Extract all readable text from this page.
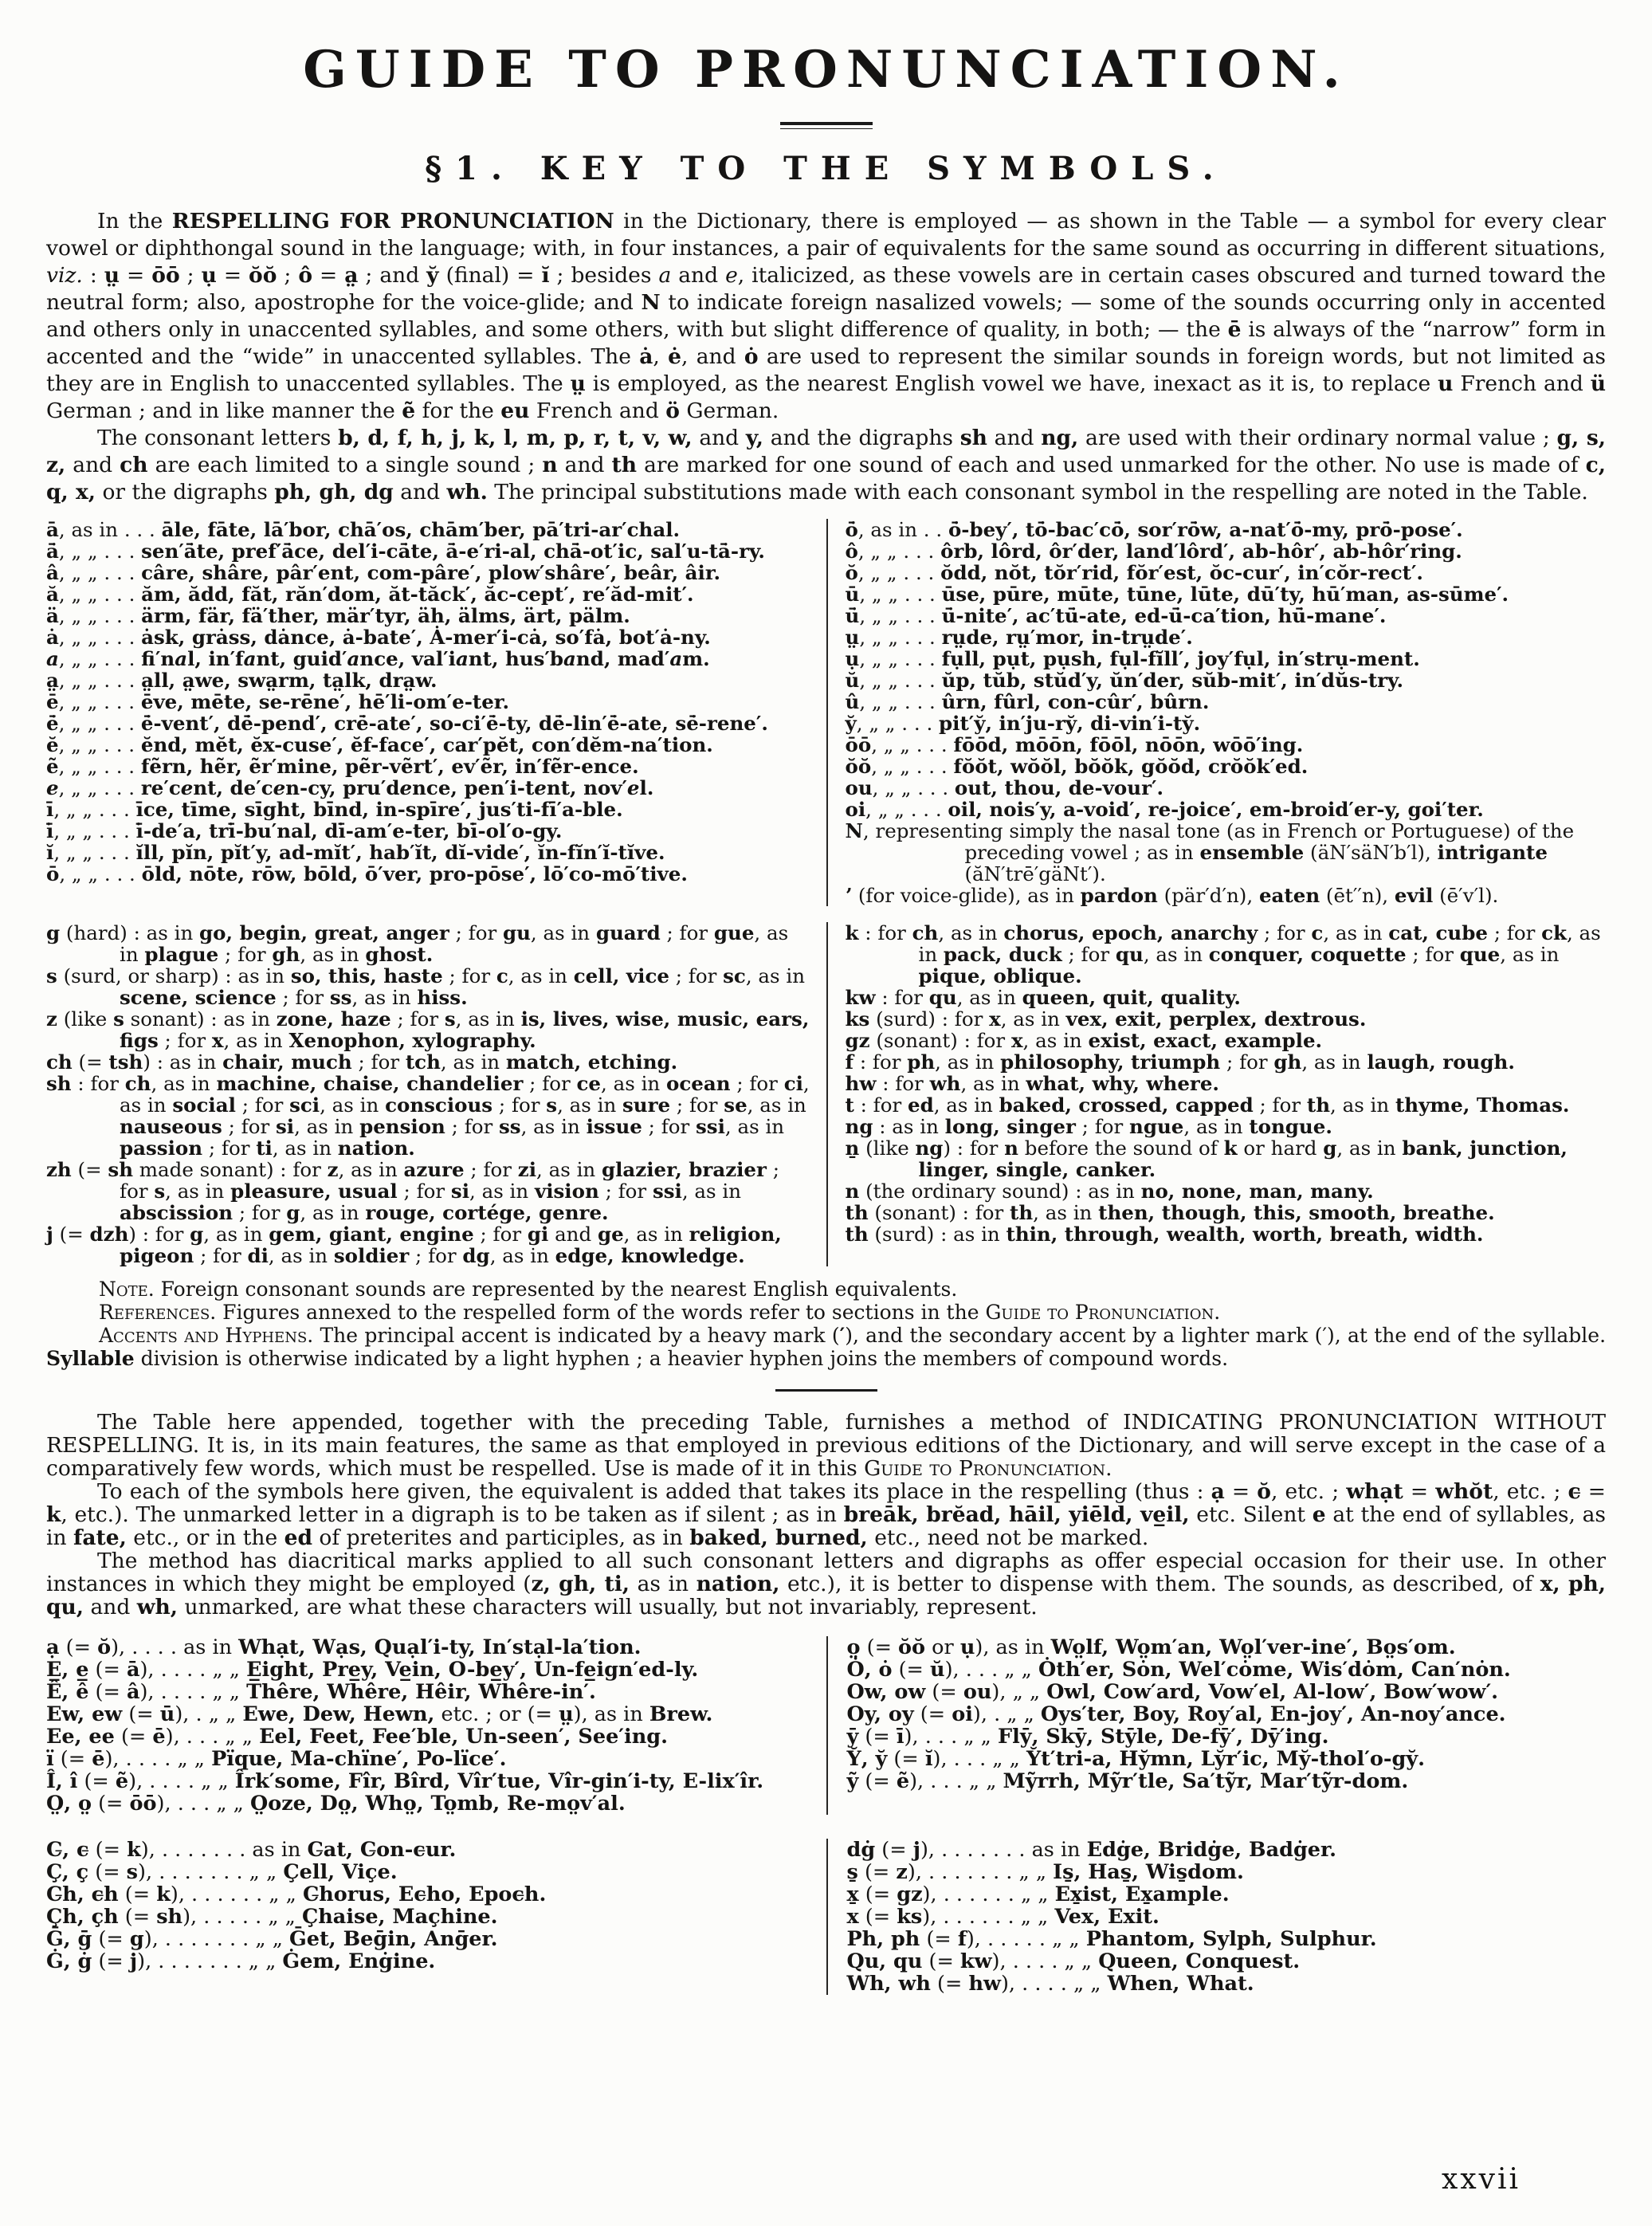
GUIDE TO PRONUNCIATION.
§1. KEY TO THE SYMBOLS.

In the RESPELLING FOR PRONUNCIATION in the Dictionary, there is employed — as shown in the Table — a symbol for every clear vowel or diphthongal sound in the language; with, in four instances, a pair of equivalents for the same sound as occurring in different situations, viz. : ṳ = ōō ; ụ = ŏŏ ; ô = a̤ ; and y̆ (final) = ĭ ; besides a and e, italicized, as these vowels are in certain cases obscured and turned toward the neutral form; also, apostrophe for the voice-glide; and N to indicate foreign nasalized vowels; — some of the sounds occurring only in accented and others only in unaccented syllables, and some others, with but slight difference of quality, in both; — the ē is always of the “narrow” form in accented and the “wide” in unaccented syllables. The ȧ, ė, and ȯ are used to represent the similar sounds in foreign words, but not limited as they are in English to unaccented syllables. The ṳ is employed, as the nearest English vowel we have, inexact as it is, to replace u French and ü German ; and in like manner the ẽ for the eu French and ö German.

The consonant letters b, d, f, h, j, k, l, m, p, r, t, v, w, and y, and the digraphs sh and ng, are used with their ordinary normal value ; g, s, z, and ch are each limited to a single sound ; n and th are marked for one sound of each and used unmarked for the other. No use is made of c, q, x, or the digraphs ph, gh, dg and wh. The principal substitutions made with each consonant symbol in the respelling are noted in the Table.

ā, as in . . . āle, fāte, lā′bor, chā′os, chām′ber, pā′tri-ar′chal.
ā̇, „ „ . . . sen′ā̇te, pref′ā̇ce, del′i-cā̇te, ā̇-e′ri-al, chā̇-ot′ic, sal′u-tā̇-ry.
â, „ „ . . . câre, shâre, pâr′ent, com-pâre′, plow′shâre′, beâr, âir.
ă, „ „ . . . ăm, ădd, făt, răn′dom, ăt-tăck′, ăc-cept′, re′ăd-mit′.
ä, „ „ . . . ärm, fär, fä′ther, mär′tyr, äh, älms, ärt, pälm.
ȧ, „ „ . . . ȧsk, grȧss, dȧnce, ȧ-bate′, Ȧ-mer′i-cȧ, so′fȧ, bot′ȧ-ny.
a, „ „ . . . fi′nal, in′fant, guid′ance, val′iant, hus′band, mad′am.
a̤, „ „ . . . a̤ll, a̤we, swa̤rm, ta̤lk, dra̤w.
ē, „ „ . . . ēve, mēte, se-rēne′, hē′li-om′e-ter.
ē̇, „ „ . . . ē̇-vent′, dē̇-pend′, crē̇-ate′, so-ci′ē̇-ty, dē̇-lin′ē̇-ate, sē̇-rene′.
ĕ, „ „ . . . ĕnd, mĕt, ĕx-cuse′, ĕf-face′, car′pĕt, con′dĕm-na′tion.
ẽ, „ „ . . . fẽrn, hẽr, ẽr′mine, pẽr-vẽrt′, ev′ẽr, in′fẽr-ence.
e, „ „ . . . re′cent, de′cen-cy, pru′dence, pen′i-tent, nov′el.
ī, „ „ . . . īce, tīme, sīght, bīnd, in-spīre′, jus′ti-fī′a-ble.
ī̇, „ „ . . . ī̇-de′a, trī̇-bu′nal, dī̇-am′e-ter, bī̇-ol′o-gy.
ĭ, „ „ . . . ĭll, pĭn, pĭt′y, ad-mĭt′, hab′ĭt, dĭ-vide′, ĭn-fĭn′ĭ-tĭve.
ō, „ „ . . . ōld, nōte, rōw, bōld, ō′ver, pro-pōse′, lō′co-mō′tive.
ō̇, as in . . ō̇-bey′, tō̇-bac′cō̇, sor′rō̇w, a-nat′ō̇-my, prō̇-pose′.
ô, „ „ . . . ôrb, lôrd, ôr′der, land′lôrd′, ab-hôr′, ab-hôr′ring.
ŏ, „ „ . . . ŏdd, nŏt, tŏr′rid, fŏr′est, ŏc-cur′, in′cŏr-rect′.
ū, „ „ . . . ūse, pūre, mūte, tūne, lūte, dū′ty, hū′man, as-sūme′.
ū̇, „ „ . . . ū̇-nite′, ac′tū̇-ate, ed-ū̇-ca′tion, hū̇-mane′.
ṳ, „ „ . . . rṳde, rṳ′mor, in-trṳde′.
ụ, „ „ . . . fụll, pụt, pụsh, fụl-fĭll′, joy′fụl, in′strụ-ment.
ŭ, „ „ . . . ŭp, tŭb, stŭd′y, ŭn′der, sŭb-mit′, in′dŭs-try.
û, „ „ . . . ûrn, fûrl, con-cûr′, bûrn.
y̆, „ „ . . . pit′y̆, in′ju-ry̆, di-vin′i-ty̆.
ōō, „ „ . . . fōōd, mōōn, fōōl, nōōn, wōō′ing.
ŏŏ, „ „ . . . fŏŏt, wŏŏl, bŏŏk, gŏŏd, crŏŏk′ed.
ou, „ „ . . . out, thou, de-vour′.
oi, „ „ . . . oil, nois′y, a-void′, re-joice′, em-broid′er-y, goi′ter.
N, representing simply the nasal tone (as in French or Portuguese) of the preceding vowel ; as in ensemble (äN′säN′b′l), intrigante (ăN′trē′gäNt′).
ʼ (for voice-glide), as in pardon (pär′d′n), eaten (ēt′′n), evil (ē′v′l).
g (hard) : as in go, begin, great, anger ; for gu, as in guard ; for gue, as in plague ; for gh, as in ghost.
s (surd, or sharp) : as in so, this, haste ; for c, as in cell, vice ; for sc, as in scene, science ; for ss, as in hiss.
z (like s sonant) : as in zone, haze ; for s, as in is, lives, wise, music, ears, figs ; for x, as in Xenophon, xylography.
ch (= tsh) : as in chair, much ; for tch, as in match, etching.
sh : for ch, as in machine, chaise, chandelier ; for ce, as in ocean ; for ci, as in social ; for sci, as in conscious ; for s, as in sure ; for se, as in nauseous ; for si, as in pension ; for ss, as in issue ; for ssi, as in passion ; for ti, as in nation.
zh (= sh made sonant) : for z, as in azure ; for zi, as in glazier, brazier ; for s, as in pleasure, usual ; for si, as in vision ; for ssi, as in abscission ; for g, as in rouge, cortége, genre.
j (= dzh) : for g, as in gem, giant, engine ; for gi and ge, as in religion, pigeon ; for di, as in soldier ; for dg, as in edge, knowledge.
k : for ch, as in chorus, epoch, anarchy ; for c, as in cat, cube ; for ck, as in pack, duck ; for qu, as in conquer, coquette ; for que, as in pique, oblique.
kw : for qu, as in queen, quit, quality.
ks (surd) : for x, as in vex, exit, perplex, dextrous.
gz (sonant) : for x, as in exist, exact, example.
f : for ph, as in philosophy, triumph ; for gh, as in laugh, rough.
hw : for wh, as in what, why, where.
t : for ed, as in baked, crossed, capped ; for th, as in thyme, Thomas.
ng : as in long, singer ; for ngue, as in tongue.
ṉ (like ng) : for n before the sound of k or hard g, as in bank, junction, linger, single, canker.
n (the ordinary sound) : as in no, none, man, many.
th (sonant) : for th, as in then, though, this, smooth, breathe.
th (surd) : as in thin, through, wealth, worth, breath, width.

Note. Foreign consonant sounds are represented by the nearest English equivalents.

References. Figures annexed to the respelled form of the words refer to sections in the Guide to Pronunciation.

Accents and Hyphens. The principal accent is indicated by a heavy mark (′), and the secondary accent by a lighter mark (′), at the end of the syllable. Syllable division is otherwise indicated by a light hyphen ; a heavier hyphen joins the members of compound words.

The Table here appended, together with the preceding Table, furnishes a method of INDICATING PRONUNCIATION WITHOUT RESPELLING. It is, in its main features, the same as that employed in previous editions of the Dictionary, and will serve except in the case of a comparatively few words, which must be respelled. Use is made of it in this Guide to Pronunciation.

To each of the symbols here given, the equivalent is added that takes its place in the respelling (thus : ạ = ŏ, etc. ; whạt = whŏt, etc. ; c̵ = k, etc.). The unmarked letter in a digraph is to be taken as if silent ; as in breāk, brĕad, hāil, yiēld, ve̲il, etc. Silent e at the end of syllables, as in fate, etc., or in the ed of preterites and participles, as in baked, burned, etc., need not be marked.

The method has diacritical marks applied to all such consonant letters and digraphs as offer especial occasion for their use. In other instances in which they might be employed (z, gh, ti, as in nation, etc.), it is better to dispense with them. The sounds, as described, of x, ph, qu, and wh, unmarked, are what these characters will usually, but not invariably, represent.

ạ (= ŏ), . . . . as in Whạt, Wạs, Quạl′i-ty, In′stạl-la′tion.
E̲, e̲ (= ā), . . . . „ „ E̲ight, Pre̲y, Ve̲in, O-be̲y′, Un-fe̲ign′ed-ly.
Ê, ê (= â), . . . . „ „ Thêre, Whêre, Hêir, Whêre-in′.
Ew, ew (= ū), . „ „ Ewe, Dew, Hewn, etc. ; or (= ṳ), as in Brew.
Ee, ee (= ē), . . . „ „ Eel, Feet, Fee′ble, Un-seen′, See′ing.
ï (= ē), . . . . „ „ Pïque, Ma-chïne′, Po-lïce′.
Î, î (= ẽ), . . . . „ „ Îrk′some, Fîr, Bîrd, Vîr′tue, Vîr-gin′i-ty, E-lix′îr.
O̤, o̤ (= ōō), . . . „ „ O̤oze, Do̤, Who̤, To̤mb, Re-mo̤v′al.
o̤ (= ŏŏ or ụ), as in Wo̤lf, Wo̤m′an, Wo̤l′ver-ine′, Bo̤s′om.
Ȯ, ȯ (= ŭ), . . . „ „ Ȯth′er, Sȯn, Wel′cȯme, Wis′dȯm, Can′nȯn.
Ow, ow (= ou), „ „ Owl, Cow′ard, Vow′el, Al-low′, Bow′wow′.
Oy, oy (= oi), . „ „ Oys′ter, Boy, Roy′al, En-joy′, An-noy′ance.
ȳ (= ī), . . . „ „ Flȳ, Skȳ, Stȳle, De-fȳ′, Dȳ′ing.
Y̆, y̆ (= ĭ), . . . „ „ Y̆t′tri-a, Hy̆mn, Ly̆r′ic, My̆-thol′o-gy̆.
ỹ (= ẽ), . . . „ „ Mỹrrh, Mỹr′tle, Sa′tỹr, Mar′tỹr-dom.
C̵, c̵ (= k), . . . . . . . as in C̵at, C̵on-c̵ur.
Ç, ç (= s), . . . . . . . „ „ Çell, Viçe.
C̵h, c̵h (= k), . . . . . . „ „ C̵horus, Ec̵ho, Epoc̵h.
Çh, çh (= sh), . . . . . „ „ Çhaise, Maçhine.
Ḡ, ḡ (= g), . . . . . . . „ „ Ḡet, Beḡin, Anḡer.
Ġ, ġ (= j), . . . . . . . „ „ Ġem, Enġine.
dġ (= j), . . . . . . . as in Edġe, Bridġe, Badġer.
s̱ (= z), . . . . . . . „ „ Is̱, Has̱, Wis̱dom.
x̱ (= gz), . . . . . . „ „ Ex̱ist, Ex̱ample.
x (= ks), . . . . . . „ „ Vex, Exit.
Ph, ph (= f), . . . . . „ „ Phantom, Sylph, Sulphur.
Qu, qu (= kw), . . . . „ „ Queen, Conquest.
Wh, wh (= hw), . . . . „ „ When, What.
xxvii
